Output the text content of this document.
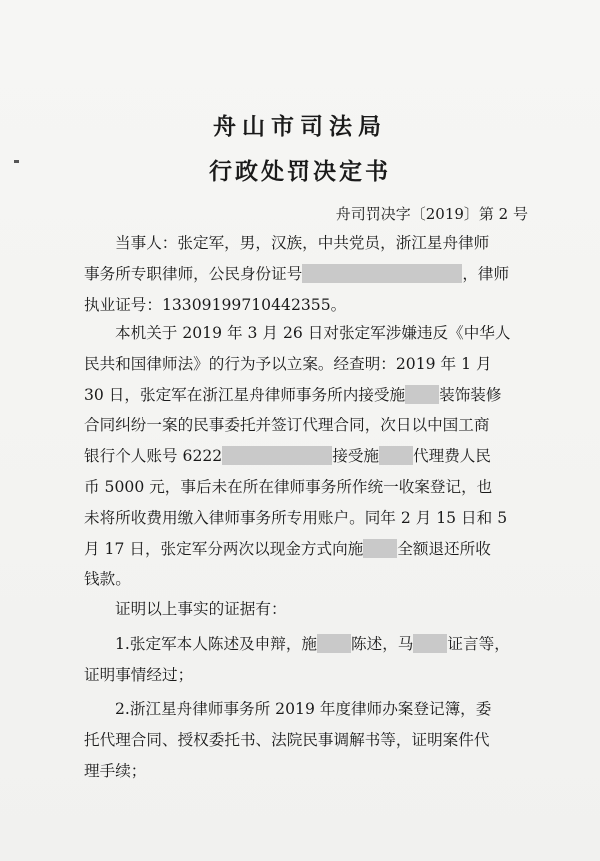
舟山市司法局
行政处罚决定书
舟司罚决字〔2019〕第 2 号
当事人：张定军，男，汉族，中共党员，浙江星舟律师
事务所专职律师，公民身份证号	，律师
执业证号：13309199710442355。
本机关于 2019 年 3 月 26 日对张定军涉嫌违反《中华人
民共和国律师法》的行为予以立案。经查明：2019 年 1 月
30 日，张定军在浙江星舟律师事务所内接受施 装饰装修
合同纠纷一案的民事委托并签订代理合同，次日以中国工商
银行个人账号 6222	接受施 代理费人民
币 5000 元，事后未在所在律师事务所作统一收案登记，也
未将所收费用缴入律师事务所专用账户。同年 2 月 15 日和 5
月 17 日，张定军分两次以现金方式向施 全额退还所收
钱款。
证明以上事实的证据有：
1.张定军本人陈述及申辩，施 陈述，马 证言等，
证明事情经过；
2.浙江星舟律师事务所 2019 年度律师办案登记簿，委
托代理合同、授权委托书、法院民事调解书等，证明案件代
理手续；
